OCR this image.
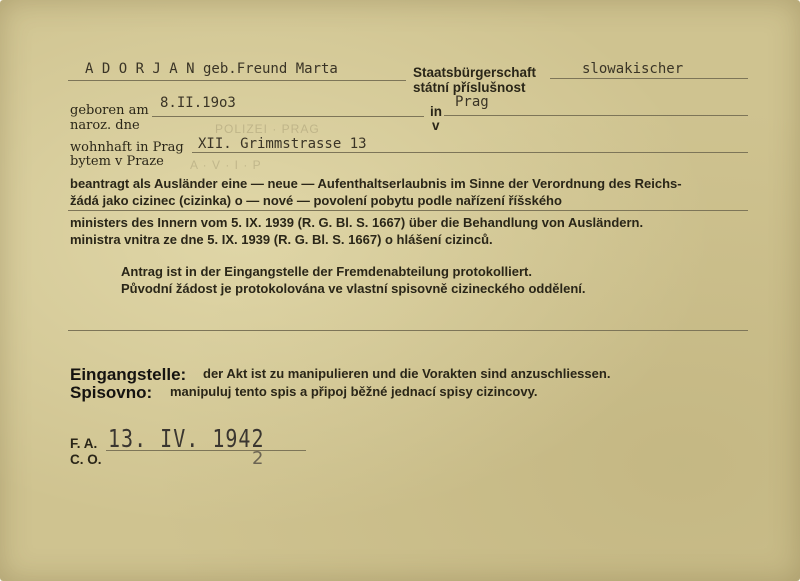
POLIZEI · PRAG
A · V · I · P
A D O R J A N geb.Freund Marta	Staatsbürgerschaft
státní příslušnost
slowakischer
geboren am
naroz. dne
8.II.19o3
in
v
Prag
wohnhaft in Prag
bytem v Praze
XII. Grimmstrasse 13
beantragt als Ausländer eine — neue — Aufenthaltserlaubnis im Sinne der Verordnung des Reichs-
žádá jako cizinec (cizinka) o — nové — povolení pobytu podle nařízení říšského
ministers des Innern vom 5. IX. 1939 (R. G. Bl. S. 1667) über die Behandlung von Ausländern.
ministra vnitra ze dne 5. IX. 1939 (R. G. Bl. S. 1667) o hlášení cizinců.
Antrag ist in der Eingangstelle der Fremdenabteilung protokolliert.
Původní žádost je protokolována ve vlastní spisovně cizineckého oddělení.
Eingangstelle: der Akt ist zu manipulieren und die Vorakten sind anzuschliessen.
Spisovno: manipuluj tento spis a připoj běžné jednací spisy cizincovy.
F. A. 13. IV. 1942
C. O.	2
